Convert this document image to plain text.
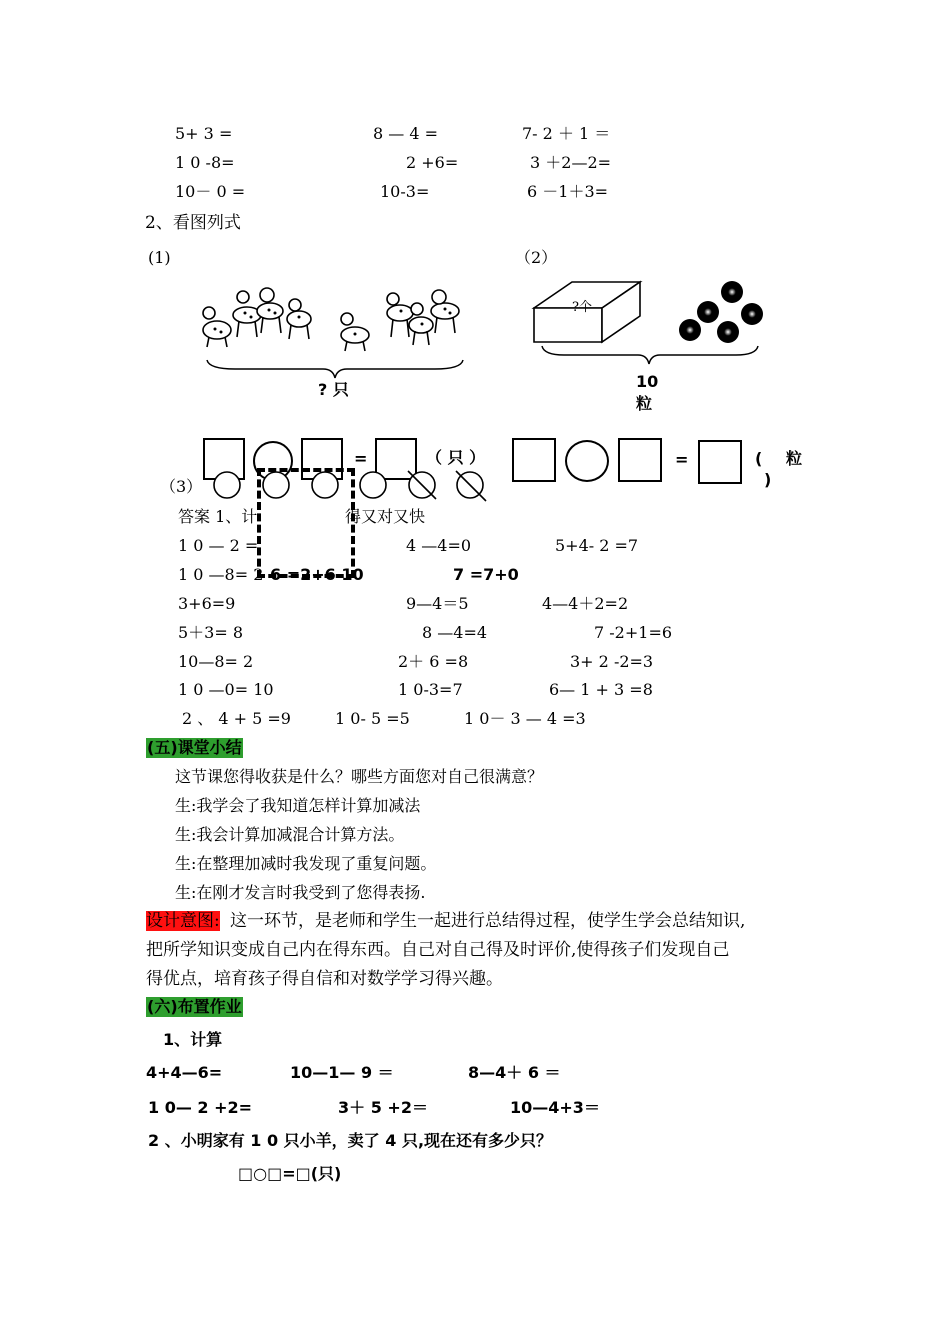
5+ 3 =	8 — 4 =	7- 2 ＋ 1 ＝
1 0 -8=	2 +6=	3 ＋2—2=
10－ 0 =	10-3=	6 －1＋3=
2、看图列式
(1)	（2）
? 只
?个
10
粒
=	（ 只 ）	=	( 粒
)
（3）
答案 1、计	得又对又快
1 0 — 2 =	4 —4=0	5+4- 2 =7
1 0 —8= 2 6 =2+6 10	7 =7+0
3+6=9	9—4＝5	4—4＋2=2
5＋3= 8	8 —4=4	7 -2+1=6
10—8= 2	2＋ 6 =8	3+ 2 -2=3
1 0 —0= 10	1 0-3=7	6— 1 + 3 =8
2 、 4 + 5 =9	1 0- 5 =5	1 0－ 3 — 4 =3
(五)课堂小结
这节课您得收获是什么？哪些方面您对自己很满意？
生:我学会了我知道怎样计算加减法
生:我会计算加减混合计算方法。
生:在整理加减时我发现了重复问题。
生:在刚才发言时我受到了您得表扬.
设计意图: 这一环节，是老师和学生一起进行总结得过程，使学生学会总结知识,
把所学知识变成自己内在得东西。自己对自己得及时评价,使得孩子们发现自己
得优点，培育孩子得自信和对数学学习得兴趣。
(六)布置作业
1、计算
4+4—6=	10—1— 9 ＝	8—4＋ 6 ＝
1 0— 2 +2=	3＋ 5 +2＝	10—4+3＝
2 、小明家有 1 0 只小羊，卖了 4 只,现在还有多少只？
□○□=□(只)
